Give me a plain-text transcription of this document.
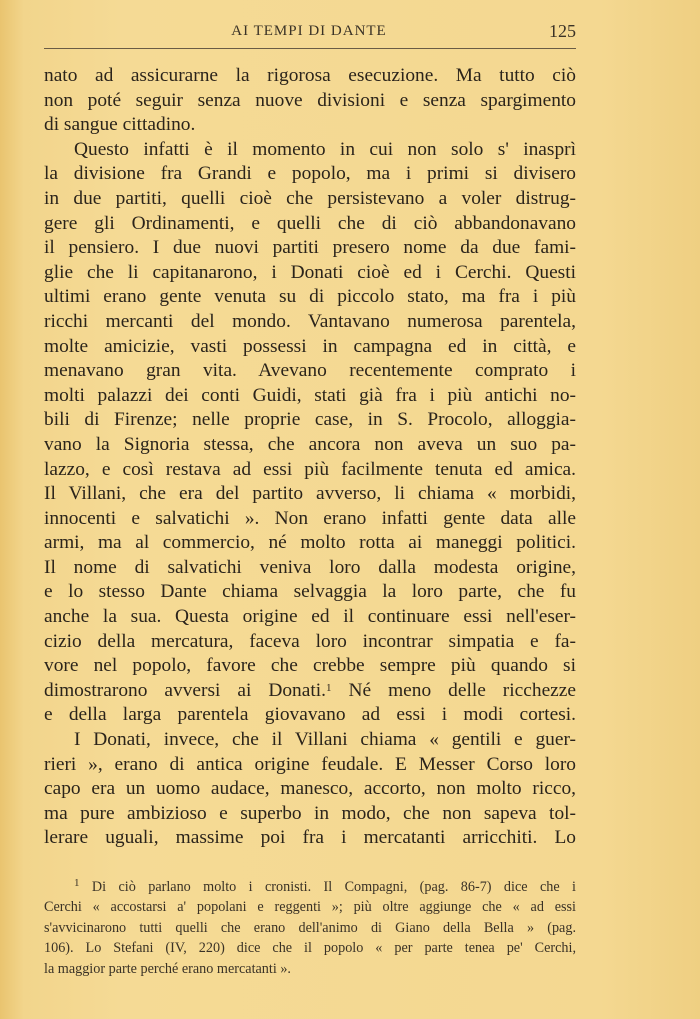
AI TEMPI DI DANTE	125
nato ad assicurarne la rigorosa esecuzione. Ma tutto ciò
non poté seguir senza nuove divisioni e senza spargimento
di sangue cittadino.
Questo infatti è il momento in cui non solo s' inasprì
la divisione fra Grandi e popolo, ma i primi si divisero
in due partiti, quelli cioè che persistevano a voler distrug-
gere gli Ordinamenti, e quelli che di ciò abbandonavano
il pensiero. I due nuovi partiti presero nome da due fami-
glie che li capitanarono, i Donati cioè ed i Cerchi. Questi
ultimi erano gente venuta su di piccolo stato, ma fra i più
ricchi mercanti del mondo. Vantavano numerosa parentela,
molte amicizie, vasti possessi in campagna ed in città, e
menavano gran vita. Avevano recentemente comprato i
molti palazzi dei conti Guidi, stati già fra i più antichi no-
bili di Firenze; nelle proprie case, in S. Procolo, alloggia-
vano la Signoria stessa, che ancora non aveva un suo pa-
lazzo, e così restava ad essi più facilmente tenuta ed amica.
Il Villani, che era del partito avverso, li chiama « morbidi,
innocenti e salvatichi ». Non erano infatti gente data alle
armi, ma al commercio, né molto rotta ai maneggi politici.
Il nome di salvatichi veniva loro dalla modesta origine,
e lo stesso Dante chiama selvaggia la loro parte, che fu
anche la sua. Questa origine ed il continuare essi nell'eser-
cizio della mercatura, faceva loro incontrar simpatia e fa-
vore nel popolo, favore che crebbe sempre più quando si
dimostrarono avversi ai Donati.$^1$ Né meno delle ricchezze
e della larga parentela giovavano ad essi i modi cortesi.
I Donati, invece, che il Villani chiama « gentili e guer-
rieri », erano di antica origine feudale. E Messer Corso loro
capo era un uomo audace, manesco, accorto, non molto ricco,
ma pure ambizioso e superbo in modo, che non sapeva tol-
lerare uguali, massime poi fra i mercatanti arricchiti. Lo
$^1$ Di ciò parlano molto i cronisti. Il Compagni, (pag. 86-7) dice che i
Cerchi « accostarsi a' popolani e reggenti »; più oltre aggiunge che « ad essi
s'avvicinarono tutti quelli che erano dell'animo di Giano della Bella » (pag.
106). Lo Stefani (IV, 220) dice che il popolo « per parte tenea pe' Cerchi,
la maggior parte perché erano mercatanti ».
